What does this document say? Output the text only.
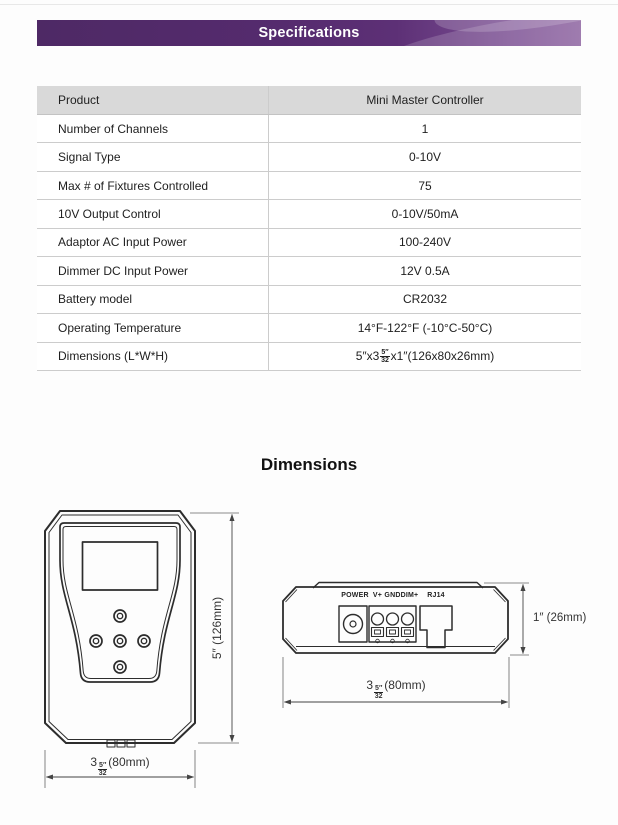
Specifications
Product	Mini Master Controller
Number of Channels	1
Signal Type	0-10V
Max # of Fixtures Controlled	75
10V Output Control	0-10V/50mA
Adaptor AC Input Power	100-240V
Dimmer DC Input Power	12V 0.5A
Battery model	CR2032
Operating Temperature	14°F-122°F (-10°C-50°C)
Dimensions (L*W*H)	$5''x3 \frac{5''}{32} x1''(126x80x26mm)$
Dimensions
5″ (126mm)
$3 \frac{5''}{32} (80mm)$
POWER V+ GND DIM+	RJ14
1″ (26mm)
$3 \frac{5''}{32} (80mm)$
